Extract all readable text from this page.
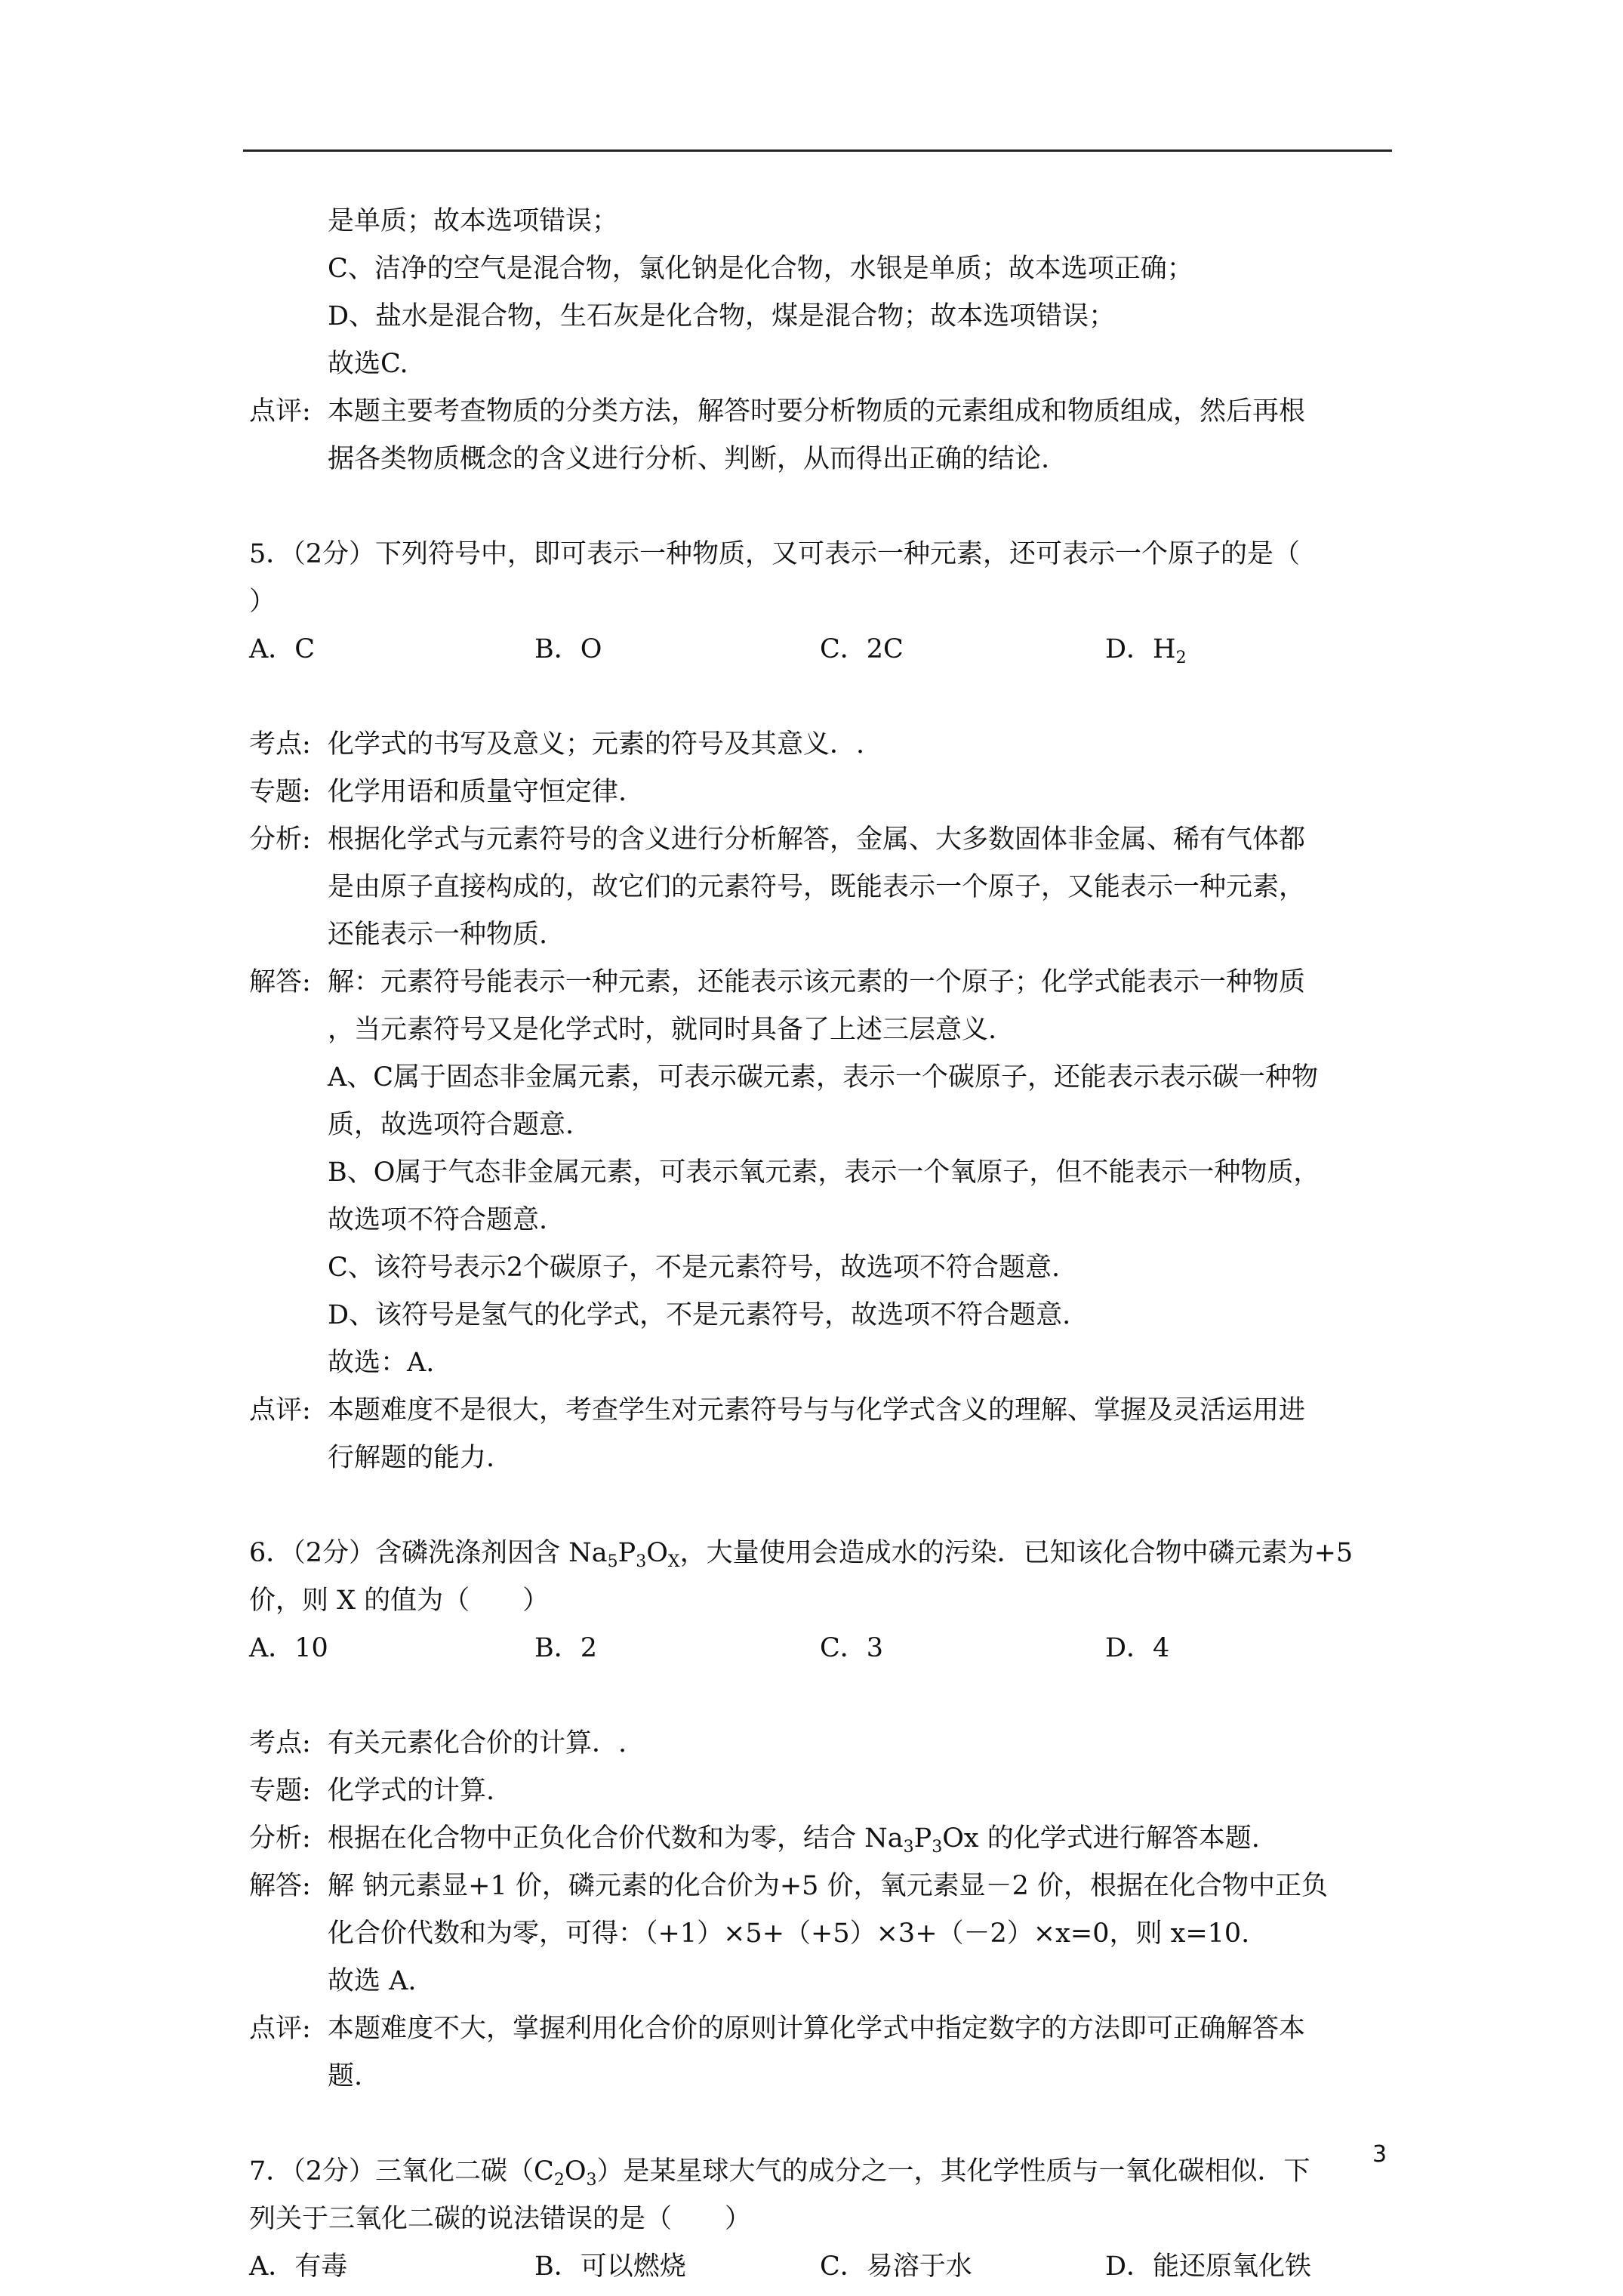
是单质；故本选项错误；
C、洁净的空气是混合物，氯化钠是化合物，水银是单质；故本选项正确；
D、盐水是混合物，生石灰是化合物，煤是混合物；故本选项错误；
故选C.
点评: 本题主要考查物质的分类方法，解答时要分析物质的元素组成和物质组成，然后再根
据各类物质概念的含义进行分析、判断，从而得出正确的结论.
5．（2分）下列符号中，即可表示一种物质，又可表示一种元素，还可表示一个原子的是（
）
A．C	B．O	C．2C	D．$H_2$
考点: 化学式的书写及意义；元素的符号及其意义．.
专题: 化学用语和质量守恒定律.
分析: 根据化学式与元素符号的含义进行分析解答，金属、大多数固体非金属、稀有气体都
是由原子直接构成的，故它们的元素符号，既能表示一个原子，又能表示一种元素，
还能表示一种物质.
解答: 解：元素符号能表示一种元素，还能表示该元素的一个原子；化学式能表示一种物质
，当元素符号又是化学式时，就同时具备了上述三层意义.
A、C属于固态非金属元素，可表示碳元素，表示一个碳原子，还能表示表示碳一种物
质，故选项符合题意.
B、O属于气态非金属元素，可表示氧元素，表示一个氧原子，但不能表示一种物质，
故选项不符合题意.
C、该符号表示2个碳原子，不是元素符号，故选项不符合题意.
D、该符号是氢气的化学式，不是元素符号，故选项不符合题意.
故选：A.
点评: 本题难度不是很大，考查学生对元素符号与与化学式含义的理解、掌握及灵活运用进
行解题的能力.
6．（2分）含磷洗涤剂因含 $Na_5P_3O_X$，大量使用会造成水的污染．已知该化合物中磷元素为+5
价，则 X 的值为（　　）
A．10	B．2	C．3	D．4
考点: 有关元素化合价的计算．.
专题: 化学式的计算.
分析: 根据在化合物中正负化合价代数和为零，结合 $Na_3P_3Ox$ 的化学式进行解答本题.
解答: 解 钠元素显+1 价，磷元素的化合价为+5 价，氧元素显－2 价，根据在化合物中正负
化合价代数和为零，可得：（+1）×5+（+5）×3+（－2）×x=0，则 x=10.
故选 A.
点评: 本题难度不大，掌握利用化合价的原则计算化学式中指定数字的方法即可正确解答本
题.
7．（2分）三氧化二碳$(C_2O_3)$是某星球大气的成分之一，其化学性质与一氧化碳相似．下
列关于三氧化二碳的说法错误的是（　　）
A．有毒	B．可以燃烧	C．易溶于水	D．能还原氧化铁
3
